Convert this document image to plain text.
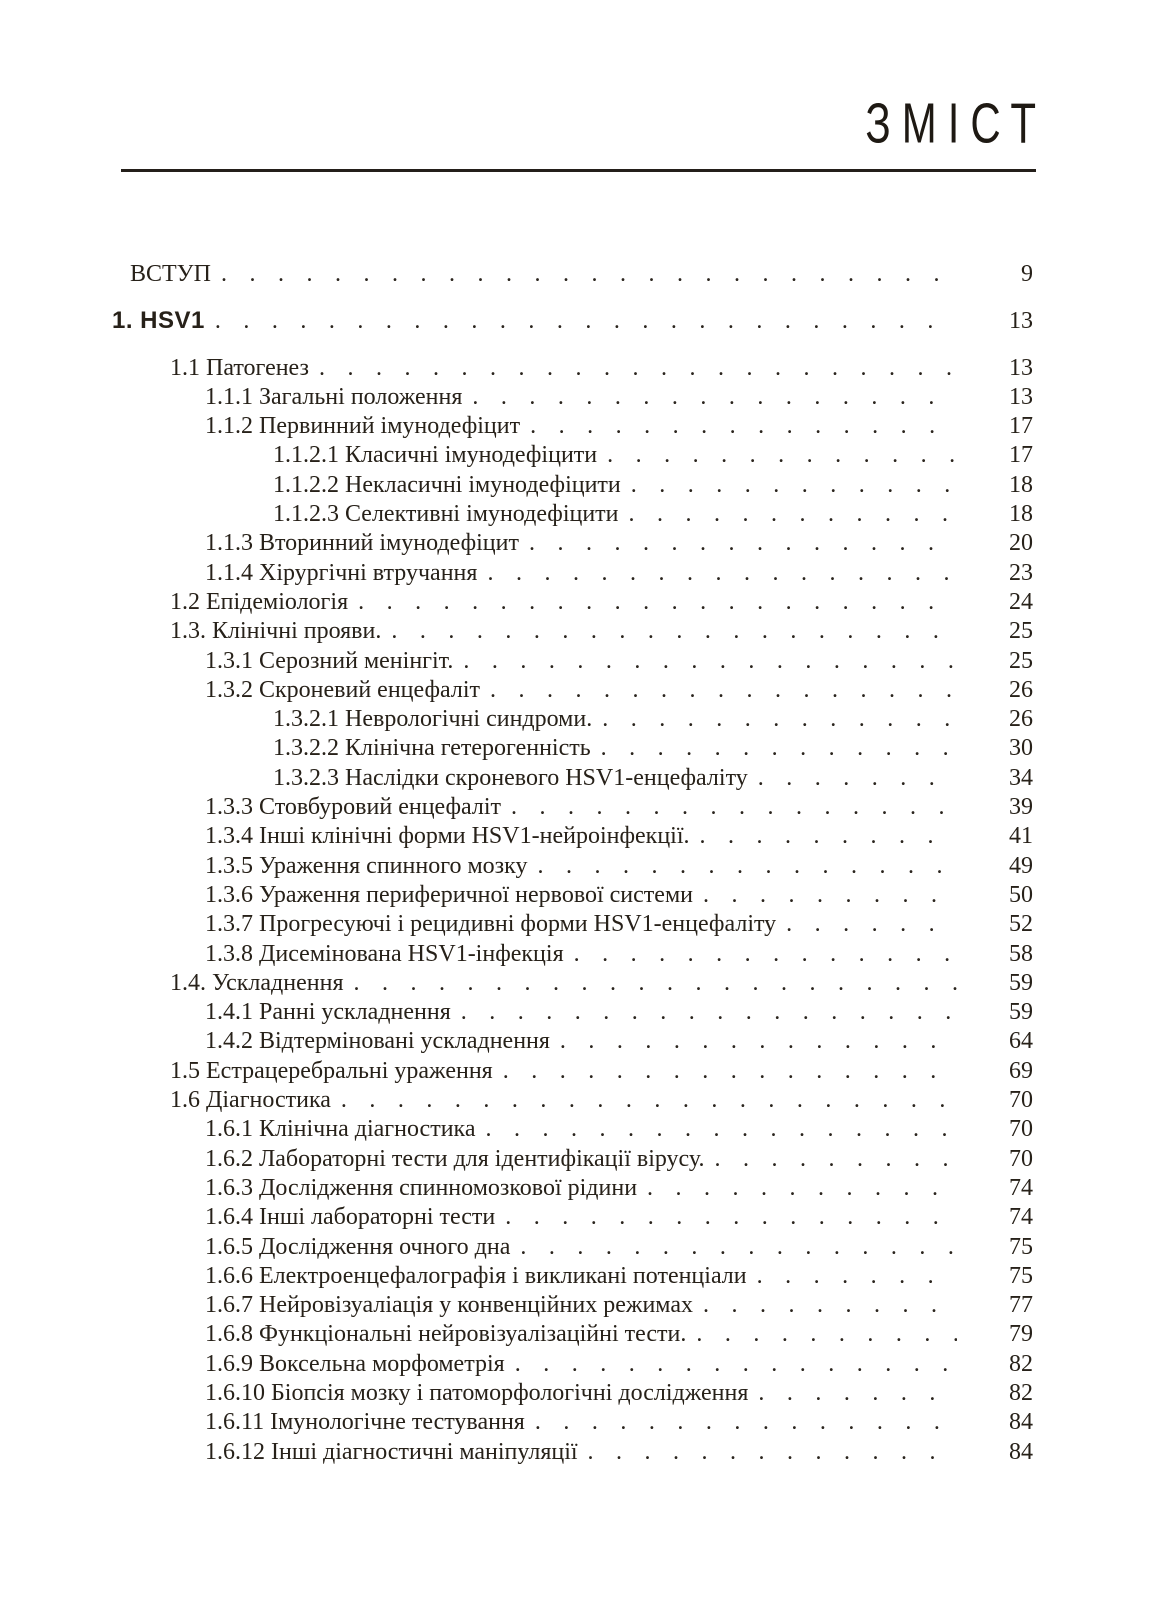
ЗМІСТ
ВСТУП .....	9
1. HSV1 .....	13
1.1 Патогенез .....	13
1.1.1 Загальні положення .....	13
1.1.2 Первинний імунодефіцит .....	17
1.1.2.1 Класичні імунодефіцити .....	17
1.1.2.2 Некласичні імунодефіцити .....	18
1.1.2.3 Селективні імунодефіцити .....	18
1.1.3 Вторинний імунодефіцит .....	20
1.1.4 Хірургічні втручання .....	23
1.2 Епідеміологія .....	24
1.3. Клінічні прояви. .....	25
1.3.1 Серозний менінгіт. .....	25
1.3.2 Скроневий енцефаліт .....	26
1.3.2.1 Неврологічні синдроми. .....	26
1.3.2.2 Клінічна гетерогенність .....	30
1.3.2.3 Наслідки скроневого HSV1-енцефаліту .....	34
1.3.3 Стовбуровий енцефаліт .....	39
1.3.4 Інші клінічні форми HSV1-нейроінфекції. .....	41
1.3.5 Ураження спинного мозку .....	49
1.3.6 Ураження периферичної нервової системи .....	50
1.3.7 Прогресуючі і рецидивні форми HSV1-енцефаліту .....	52
1.3.8 Дисемінована HSV1-інфекція .....	58
1.4. Ускладнення .....	59
1.4.1 Ранні ускладнення .....	59
1.4.2 Відтерміновані ускладнення .....	64
1.5 Естрацеребральні ураження .....	69
1.6 Діагностика .....	70
1.6.1 Клінічна діагностика .....	70
1.6.2 Лабораторні тести для ідентифікації вірусу. .....	70
1.6.3 Дослідження спинномозкової рідини .....	74
1.6.4 Інші лабораторні тести .....	74
1.6.5 Дослідження очного дна .....	75
1.6.6 Електроенцефалографія і викликані потенціали .....	75
1.6.7 Нейровізуаліація у конвенційних режимах .....	77
1.6.8 Функціональні нейровізуалізаційні тести. .....	79
1.6.9 Воксельна морфометрія .....	82
1.6.10 Біопсія мозку і патоморфологічні дослідження .....	82
1.6.11 Імунологічне тестування .....	84
1.6.12 Інші діагностичні маніпуляції .....	84
